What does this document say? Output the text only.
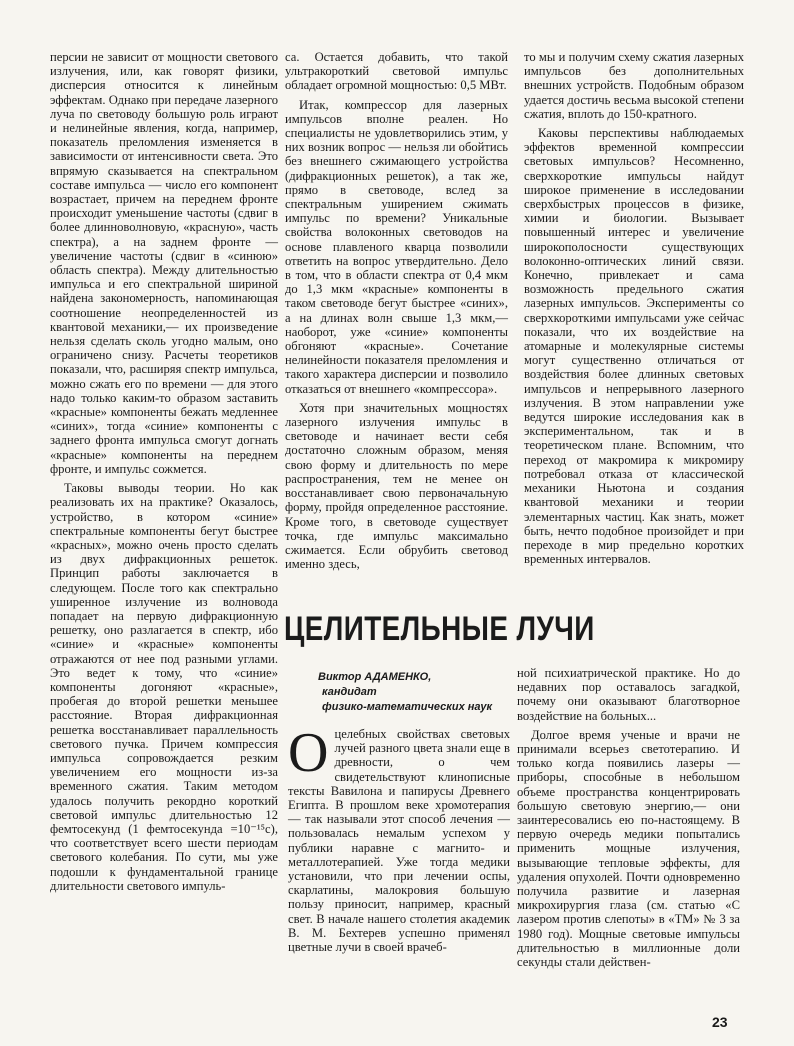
персии не зависит от мощности светового излучения, или, как говорят физики, дисперсия относится к линейным эффектам. Однако при передаче лазерного луча по световоду большую роль играют и нелинейные явления, когда, например, показатель преломления изменяется в зависимости от интенсивности света. Это впрямую сказывается на спектральном составе импульса — число его компонент возрастает, причем на переднем фронте происходит уменьшение частоты (сдвиг в более длинноволновую, «красную», часть спектра), а на заднем фронте — увеличение частоты (сдвиг в «синюю» область спектра). Между длительностью импульса и его спектральной шириной найдена закономерность, напоминающая соотношение неопределенностей из квантовой механики,— их произведение нельзя сделать сколь угодно малым, оно ограничено снизу. Расчеты теоретиков показали, что, расширяя спектр импульса, можно сжать его по времени — для этого надо только каким-то образом заставить «красные» компоненты бежать медленнее «синих», тогда «синие» компоненты с заднего фронта импульса смогут догнать «красные» компоненты на переднем фронте, и импульс сожмется.

Таковы выводы теории. Но как реализовать их на практике? Оказалось, устройство, в котором «синие» спектральные компоненты бегут быстрее «красных», можно очень просто сделать из двух дифракционных решеток. Принцип работы заключается в следующем. После того как спектрально уширенное излучение из волновода попадает на первую дифракционную решетку, оно разлагается в спектр, ибо «синие» и «красные» компоненты отражаются от нее под разными углами. Это ведет к тому, что «синие» компоненты догоняют «красные», пробегая до второй решетки меньшее расстояние. Вторая дифракционная решетка восстанавливает параллельность светового пучка. Причем компрессия импульса сопровождается резким увеличением его мощности из-за временного сжатия. Таким методом удалось получить рекордно короткий световой импульс длительностью 12 фемтосекунд (1 фемтосекунда =10⁻¹⁵с), что соответствует всего шести периодам светового колебания. По сути, мы уже подошли к фундаментальной границе длительности светового импуль-

са. Остается добавить, что такой ультракороткий световой импульс обладает огромной мощностью: 0,5 МВт.

Итак, компрессор для лазерных импульсов вполне реален. Но специалисты не удовлетворились этим, у них возник вопрос — нельзя ли обойтись без внешнего сжимающего устройства (дифракционных решеток), а так же, прямо в световоде, вслед за спектральным уширением сжимать импульс по времени? Уникальные свойства волоконных световодов на основе плавленого кварца позволили ответить на вопрос утвердительно. Дело в том, что в области спектра от 0,4 мкм до 1,3 мкм «красные» компоненты в таком световоде бегут быстрее «синих», а на длинах волн свыше 1,3 мкм,— наоборот, уже «синие» компоненты обгоняют «красные». Сочетание нелинейности показателя преломления и такого характера дисперсии и позволило отказаться от внешнего «компрессора».

Хотя при значительных мощностях лазерного излучения импульс в световоде и начинает вести себя достаточно сложным образом, меняя свою форму и длительность по мере распространения, тем не менее он восстанавливает свою первоначальную форму, пройдя определенное расстояние. Кроме того, в световоде существует точка, где импульс максимально сжимается. Если обрубить световод именно здесь,

то мы и получим схему сжатия лазерных импульсов без дополнительных внешних устройств. Подобным образом удается достичь весьма высокой степени сжатия, вплоть до 150-кратного.

Каковы перспективы наблюдаемых эффектов временной компрессии световых импульсов? Несомненно, сверхкороткие импульсы найдут широкое применение в исследовании сверхбыстрых процессов в физике, химии и биологии. Вызывает повышенный интерес и увеличение широкополосности существующих волоконно-оптических линий связи. Конечно, привлекает и сама возможность предельного сжатия лазерных импульсов. Эксперименты со сверхкороткими импульсами уже сейчас показали, что их воздействие на атомарные и молекулярные системы могут существенно отличаться от воздействия более длинных световых импульсов и непрерывного лазерного излучения. В этом направлении уже ведутся широкие исследования как в экспериментальном, так и в теоретическом плане. Вспомним, что переход от макромира к микромиру потребовал отказа от классической механики Ньютона и создания квантовой механики и теории элементарных частиц. Как знать, может быть, нечто подобное произойдет и при переходе в мир предельно коротких временных интервалов.

ЦЕЛИТЕЛЬНЫЕ ЛУЧИ
Виктор АДАМЕНКО,
кандидат
физико-математических наук

Оцелебных свойствах световых лучей разного цвета знали еще в древности, о чем свидетельствуют клинописные тексты Вавилона и папирусы Древнего Египта. В прошлом веке хромотерапия — так называли этот способ лечения — пользовалась немалым успехом у публики наравне с магнито- и металлотерапией. Уже тогда медики установили, что при лечении оспы, скарлатины, малокровия большую пользу приносит, например, красный свет. В начале нашего столетия академик В. М. Бехтерев успешно применял цветные лучи в своей врачеб-

ной психиатрической практике. Но до недавних пор оставалось загадкой, почему они оказывают благотворное воздействие на больных...

Долгое время ученые и врачи не принимали всерьез светотерапию. И только когда появились лазеры — приборы, способные в небольшом объеме пространства концентрировать большую световую энергию,— они заинтересовались ею по-настоящему. В первую очередь медики попытались применить мощные излучения, вызывающие тепловые эффекты, для удаления опухолей. Почти одновременно получила развитие и лазерная микрохирургия глаза (см. статью «С лазером против слепоты» в «ТМ» № 3 за 1980 год). Мощные световые импульсы длительностью в миллионные доли секунды стали действен-

23
